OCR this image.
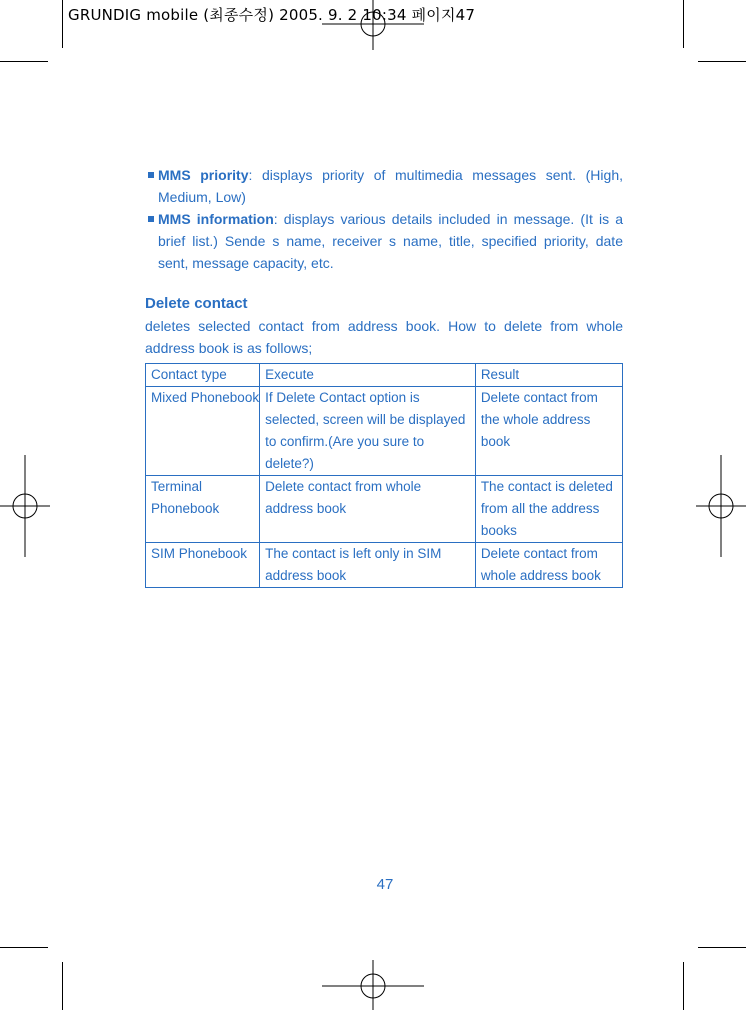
GRUNDIG mobile (최종수정) 2005. 9. 2 10:34 페이지47
MMS priority: displays priority of multimedia messages sent. (High, Medium, Low)
MMS information: displays various details included in message. (It is a brief list.) Sende s name, receiver s name, title, specified priority, date sent, message capacity, etc.
Delete contact
deletes selected contact from address book. How to delete from whole address book is as follows;
Contact type	Execute	Result
Mixed Phonebook	If Delete Contact option is selected, screen will be displayed to confirm.(Are you sure to delete?)	Delete contact from the whole address book
Terminal Phonebook	Delete contact from whole address book	The contact is deleted from all the address books
SIM Phonebook	The contact is left only in SIM address book	Delete contact from whole address book
47
